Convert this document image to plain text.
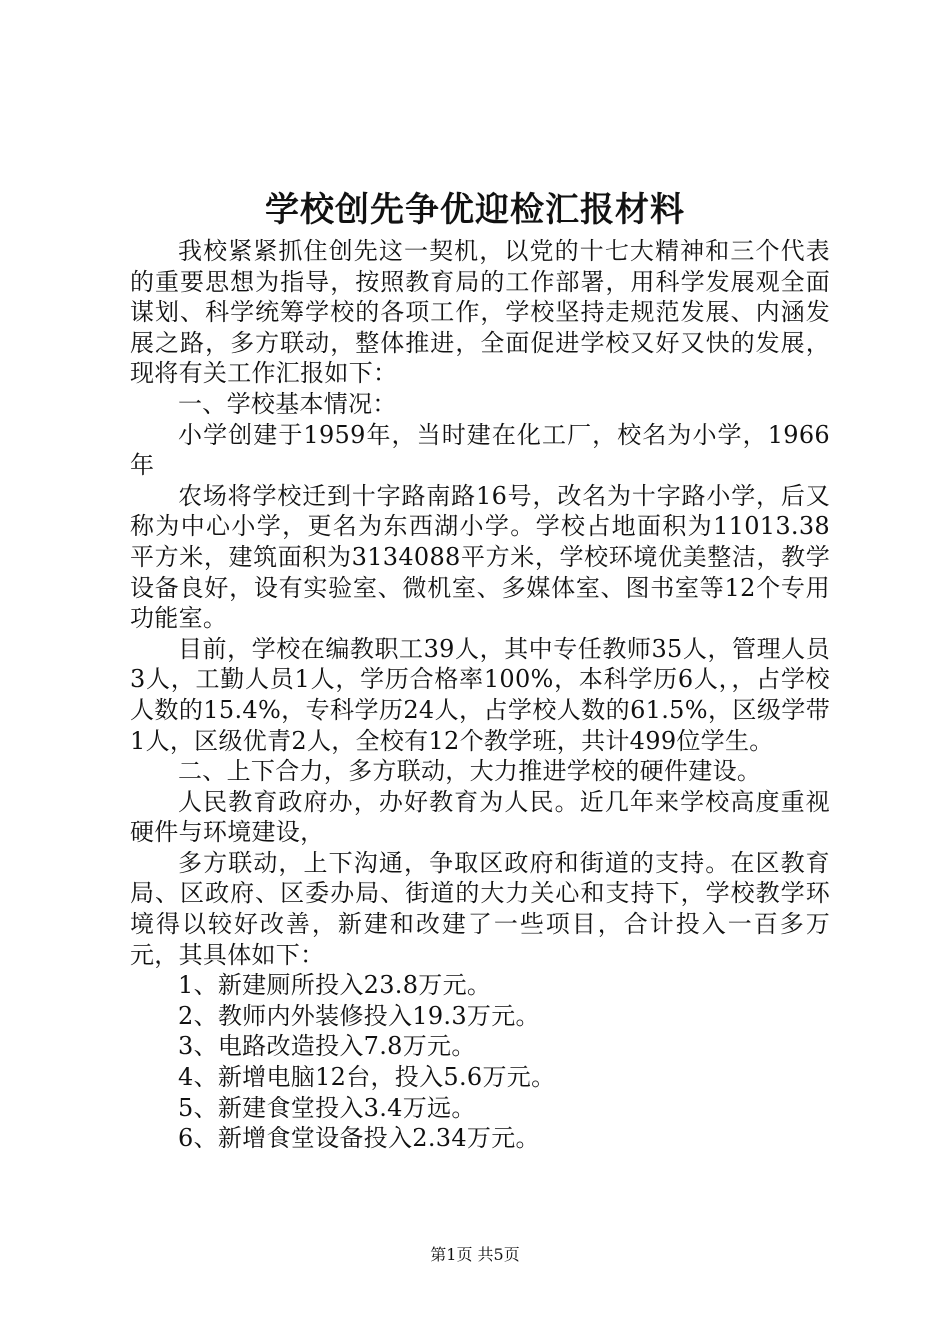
学校创先争优迎检汇报材料

我校紧紧抓住创先这一契机，以党的十七大精神和三个代表的重要思想为指导，按照教育局的工作部署，用科学发展观全面谋划、科学统筹学校的各项工作，学校坚持走规范发展、内涵发展之路，多方联动，整体推进，全面促进学校又好又快的发展，现将有关工作汇报如下：

一、学校基本情况：

小学创建于1959年，当时建在化工厂，校名为小学，1966年

农场将学校迁到十字路南路16号，改名为十字路小学，后又称为中心小学，更名为东西湖小学。学校占地面积为11013.38平方米，建筑面积为3134088平方米，学校环境优美整洁，教学设备良好，设有实验室、微机室、多媒体室、图书室等12个专用功能室。

目前，学校在编教职工39人，其中专任教师35人，管理人员3人，工勤人员1人，学历合格率100%，本科学历6人，，占学校人数的15.4%，专科学历24人，占学校人数的61.5%，区级学带1人，区级优青2人，全校有12个教学班，共计499位学生。

二、上下合力，多方联动，大力推进学校的硬件建设。

人民教育政府办，办好教育为人民。近几年来学校高度重视硬件与环境建设，

多方联动，上下沟通，争取区政府和街道的支持。在区教育局、区政府、区委办局、街道的大力关心和支持下，学校教学环境得以较好改善，新建和改建了一些项目，合计投入一百多万元，其具体如下：

1、新建厕所投入23.8万元。

2、教师内外装修投入19.3万元。

3、电路改造投入7.8万元。

4、新增电脑12台，投入5.6万元。

5、新建食堂投入3.4万远。

6、新增食堂设备投入2.34万元。

第1页 共5页
